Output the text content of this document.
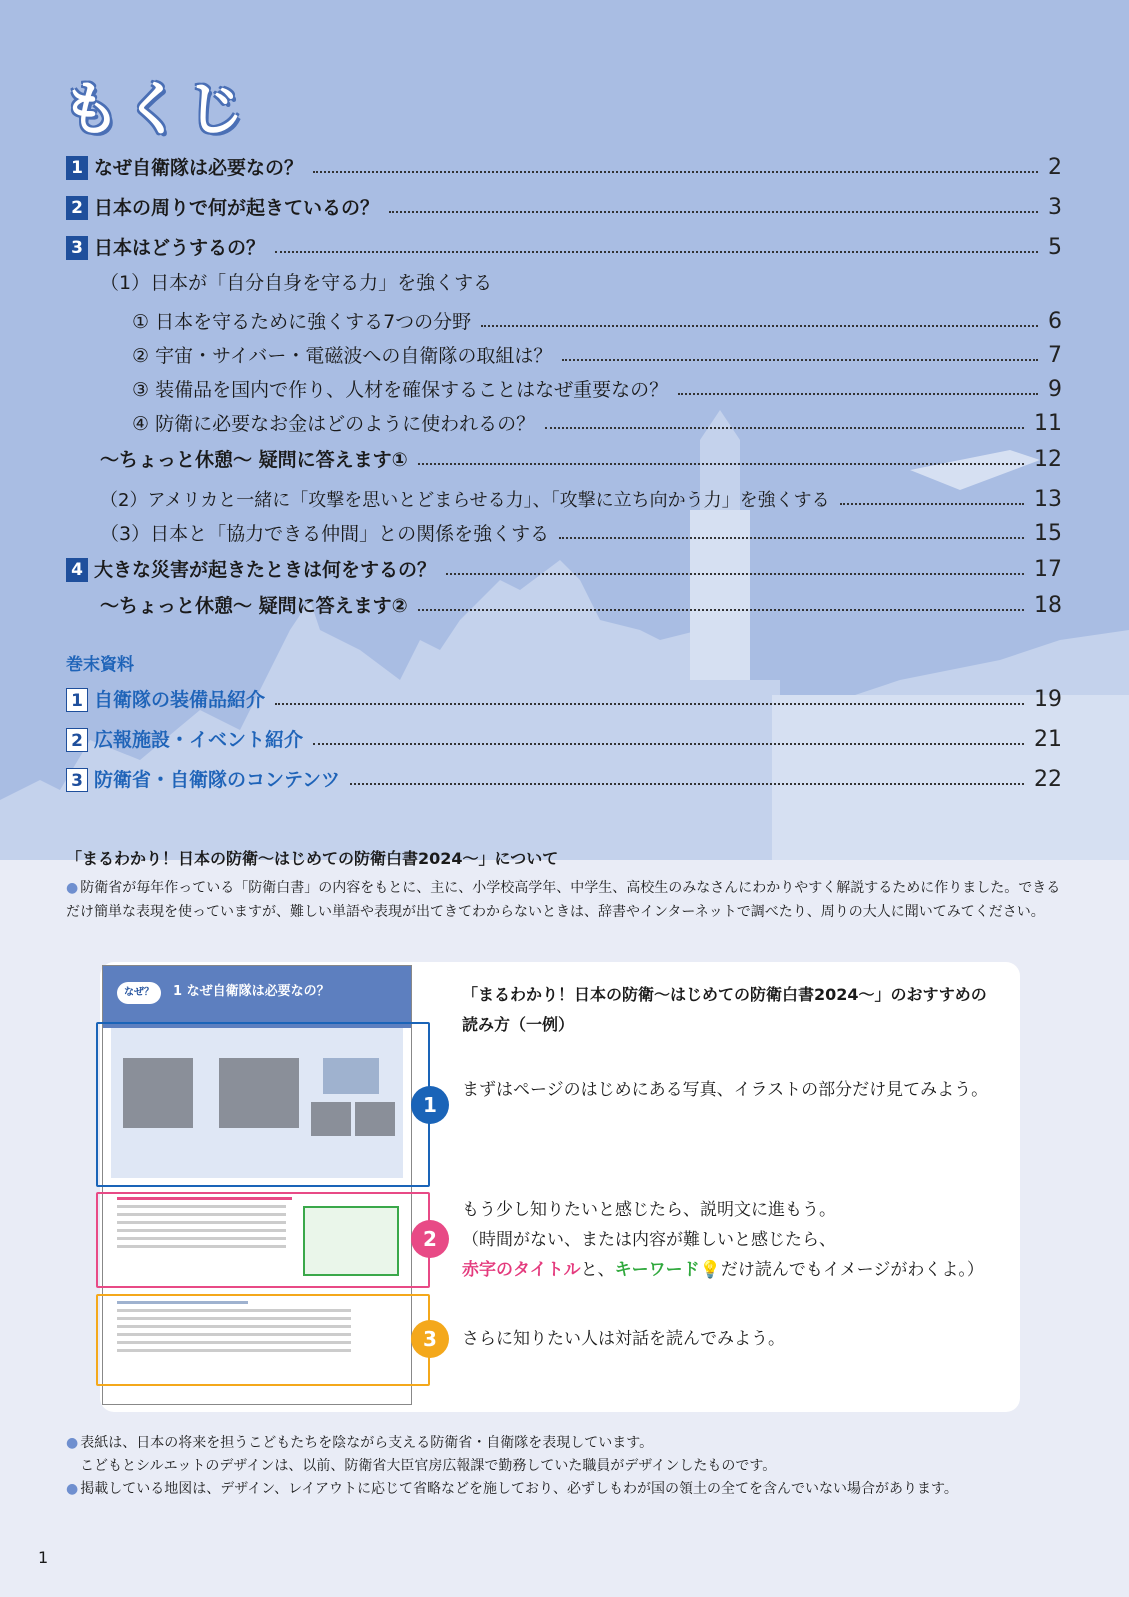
もくじ
1 なぜ自衛隊は必要なの？	2
2 日本の周りで何が起きているの？	3
3 日本はどうするの？	5
（1）日本が「自分自身を守る力」を強くする
① 日本を守るために強くする7つの分野	6
② 宇宙・サイバー・電磁波への自衛隊の取組は？	7
③ 装備品を国内で作り、人材を確保することはなぜ重要なの？	9
④ 防衛に必要なお金はどのように使われるの？	11
〜ちょっと休憩〜 疑問に答えます①	12
（2）アメリカと一緒に「攻撃を思いとどまらせる力」、「攻撃に立ち向かう力」を強くする	13
（3）日本と「協力できる仲間」との関係を強くする	15
4 大きな災害が起きたときは何をするの？	17
〜ちょっと休憩〜 疑問に答えます②	18
巻末資料
1 自衛隊の装備品紹介	19
2 広報施設・イベント紹介	21
3 防衛省・自衛隊のコンテンツ	22
「まるわかり！日本の防衛〜はじめての防衛白書2024〜」について
● 防衛省が毎年作っている「防衛白書」の内容をもとに、主に、小学校高学年、中学生、高校生のみなさんにわかりやすく解説するために作りました。できるだけ簡単な表現を使っていますが、難しい単語や表現が出てきてわからないときは、辞書やインターネットで調べたり、周りの大人に聞いてみてください。
なぜ？	1 なぜ自衛隊は必要なの？
1
2
3
「まるわかり！日本の防衛〜はじめての防衛白書2024〜」のおすすめの読み方（一例）
まずはページのはじめにある写真、イラストの部分だけ見てみよう。
もう少し知りたいと感じたら、説明文に進もう。
（時間がない、または内容が難しいと感じたら、
赤字のタイトルと、キーワード💡だけ読んでもイメージがわくよ。）
さらに知りたい人は対話を読んでみよう。
● 表紙は、日本の将来を担うこどもたちを陰ながら支える防衛省・自衛隊を表現しています。
こどもとシルエットのデザインは、以前、防衛省大臣官房広報課で勤務していた職員がデザインしたものです。
● 掲載している地図は、デザイン、レイアウトに応じて省略などを施しており、必ずしもわが国の領土の全てを含んでいない場合があります。
1
